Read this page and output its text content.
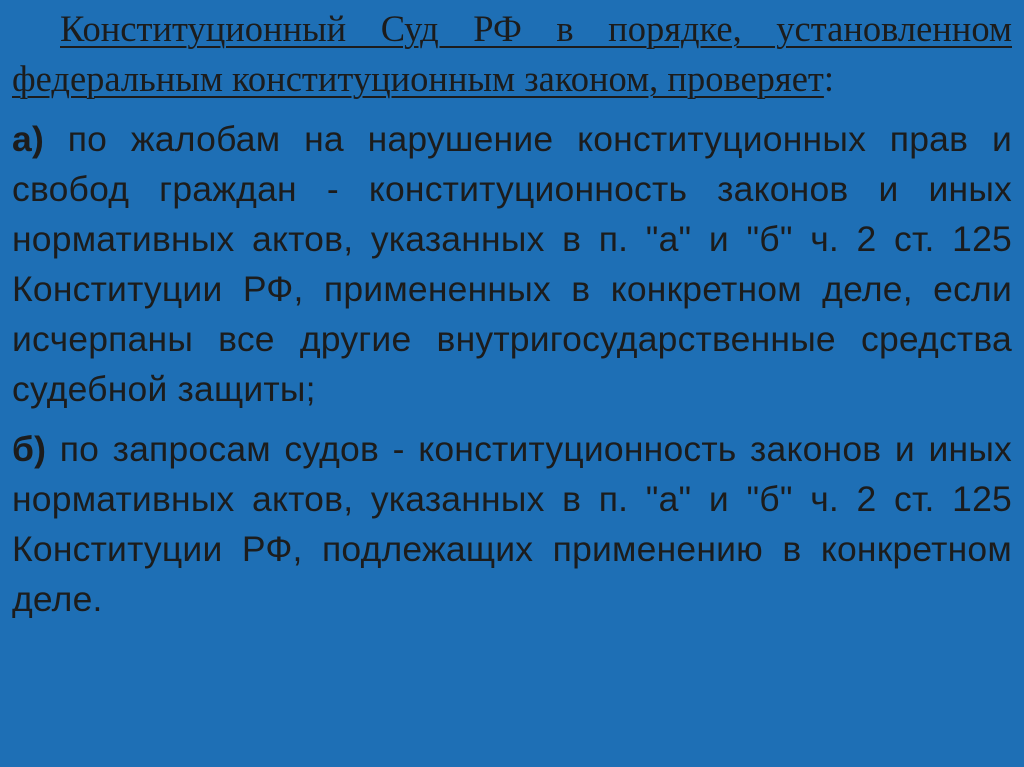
Конституционный Суд РФ в порядке, установленном федеральным конституционным законом, проверяет:

а) по жалобам на нарушение конституционных прав и свобод граждан - конституционность законов и иных нормативных актов, указанных в п. "а" и "б" ч. 2 ст. 125 Конституции РФ, примененных в конкретном деле, если исчерпаны все другие внутригосударственные средства судебной защиты;

б) по запросам судов - конституционность законов и иных нормативных актов, указанных в п. "а" и "б" ч. 2 ст. 125 Конституции РФ, подлежащих применению в конкретном деле.
